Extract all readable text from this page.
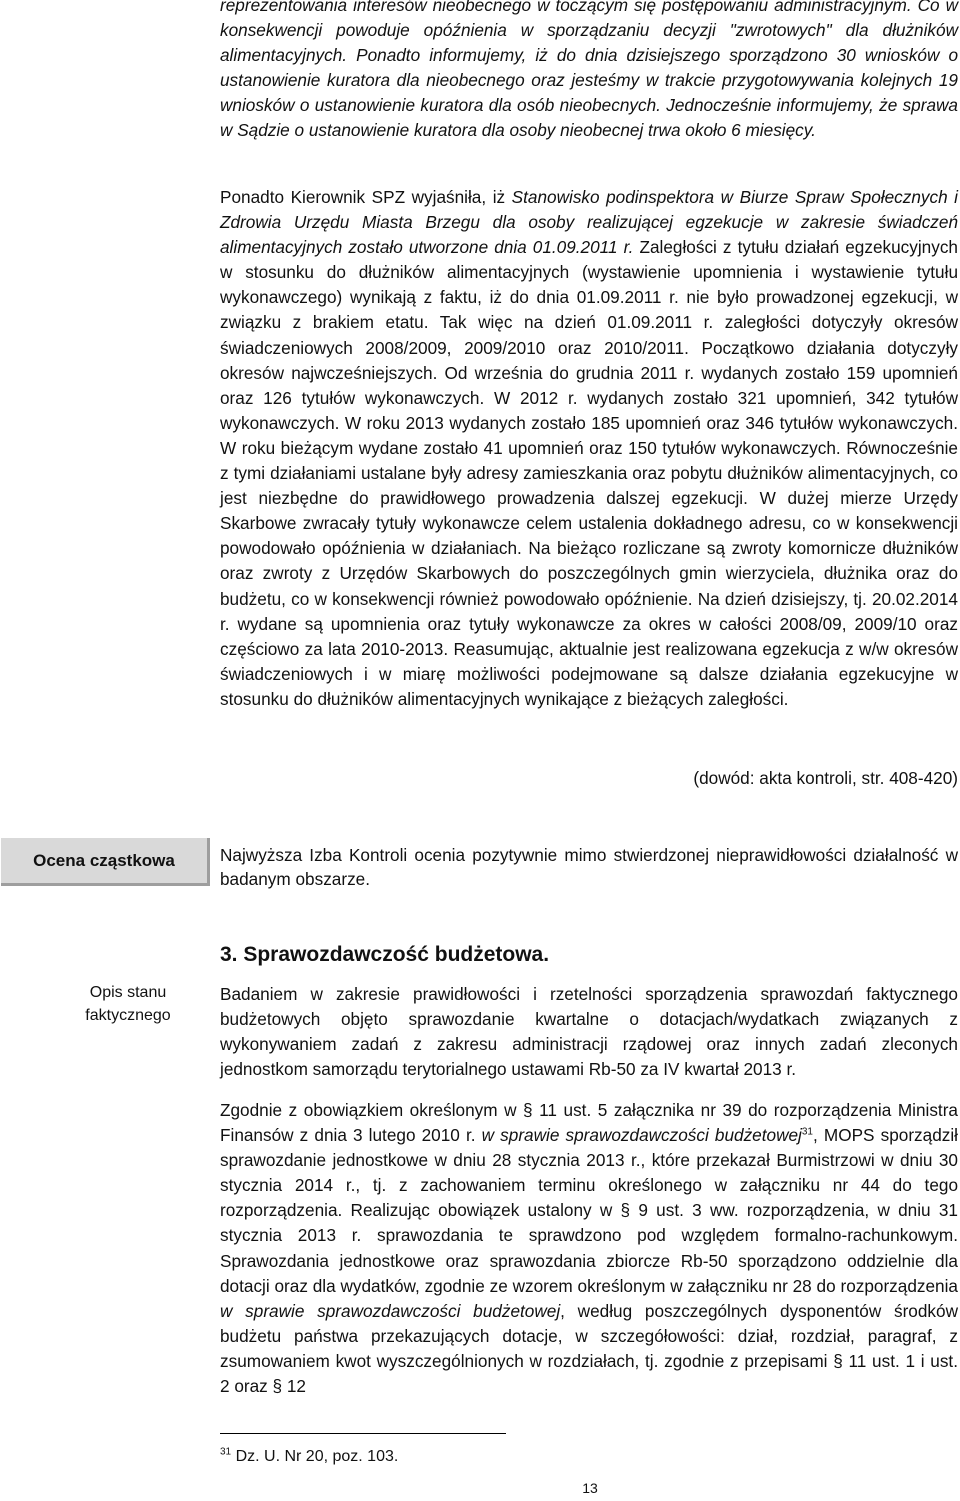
reprezentowania interesów nieobecnego w toczącym się postępowaniu administracyjnym. Co w konsekwencji powoduje opóźnienia w sporządzaniu decyzji "zwrotowych" dla dłużników alimentacyjnych. Ponadto informujemy, iż do dnia dzisiejszego sporządzono 30 wniosków o ustanowienie kuratora dla nieobecnego oraz jesteśmy w trakcie przygotowywania kolejnych 19 wniosków o ustanowienie kuratora dla osób nieobecnych. Jednocześnie informujemy, że sprawa w Sądzie o ustanowienie kuratora dla osoby nieobecnej trwa około 6 miesięcy.
Ponadto Kierownik SPZ wyjaśniła, iż Stanowisko podinspektora w Biurze Spraw Społecznych i Zdrowia Urzędu Miasta Brzegu dla osoby realizującej egzekucje w zakresie świadczeń alimentacyjnych zostało utworzone dnia 01.09.2011 r. Zaległości z tytułu działań egzekucyjnych w stosunku do dłużników alimentacyjnych (wystawienie upomnienia i wystawienie tytułu wykonawczego) wynikają z faktu, iż do dnia 01.09.2011 r. nie było prowadzonej egzekucji, w związku z brakiem etatu. Tak więc na dzień 01.09.2011 r. zaległości dotyczyły okresów świadczeniowych 2008/2009, 2009/2010 oraz 2010/2011. Początkowo działania dotyczyły okresów najwcześniejszych. Od września do grudnia 2011 r. wydanych zostało 159 upomnień oraz 126 tytułów wykonawczych. W 2012 r. wydanych zostało 321 upomnień, 342 tytułów wykonawczych. W roku 2013 wydanych zostało 185 upomnień oraz 346 tytułów wykonawczych. W roku bieżącym wydane zostało 41 upomnień oraz 150 tytułów wykonawczych. Równocześnie z tymi działaniami ustalane były adresy zamieszkania oraz pobytu dłużników alimentacyjnych, co jest niezbędne do prawidłowego prowadzenia dalszej egzekucji. W dużej mierze Urzędy Skarbowe zwracały tytuły wykonawcze celem ustalenia dokładnego adresu, co w konsekwencji powodowało opóźnienia w działaniach. Na bieżąco rozliczane są zwroty komornicze dłużników oraz zwroty z Urzędów Skarbowych do poszczególnych gmin wierzyciela, dłużnika oraz do budżetu, co w konsekwencji również powodowało opóźnienie. Na dzień dzisiejszy, tj. 20.02.2014 r. wydane są upomnienia oraz tytuły wykonawcze za okres w całości 2008/09, 2009/10 oraz częściowo za lata 2010-2013. Reasumując, aktualnie jest realizowana egzekucja z w/w okresów świadczeniowych i w miarę możliwości podejmowane są dalsze działania egzekucyjne w stosunku do dłużników alimentacyjnych wynikające z bieżących zaległości.
(dowód: akta kontroli, str. 408-420)
Ocena cząstkowa	Najwyższa Izba Kontroli ocenia pozytywnie mimo stwierdzonej nieprawidłowości działalność w badanym obszarze.
3. Sprawozdawczość budżetowa.
Opis stanu faktycznego
Badaniem w zakresie prawidłowości i rzetelności sporządzenia sprawozdań faktycznego budżetowych objęto sprawozdanie kwartalne o dotacjach/wydatkach związanych z wykonywaniem zadań z zakresu administracji rządowej oraz innych zadań zleconych jednostkom samorządu terytorialnego ustawami Rb-50 za IV kwartał 2013 r.
Zgodnie z obowiązkiem określonym w § 11 ust. 5 załącznika nr 39 do rozporządzenia Ministra Finansów z dnia 3 lutego 2010 r. w sprawie sprawozdawczości budżetowej$^{31}$, MOPS sporządził sprawozdanie jednostkowe w dniu 28 stycznia 2013 r., które przekazał Burmistrzowi w dniu 30 stycznia 2014 r., tj. z zachowaniem terminu określonego w załączniku nr 44 do tego rozporządzenia. Realizując obowiązek ustalony w § 9 ust. 3 ww. rozporządzenia, w dniu 31 stycznia 2013 r. sprawozdania te sprawdzono pod względem formalno-rachunkowym. Sprawozdania jednostkowe oraz sprawozdania zbiorcze Rb-50 sporządzono oddzielnie dla dotacji oraz dla wydatków, zgodnie ze wzorem określonym w załączniku nr 28 do rozporządzenia w sprawie sprawozdawczości budżetowej, według poszczególnych dysponentów środków budżetu państwa przekazujących dotacje, w szczegółowości: dział, rozdział, paragraf, z zsumowaniem kwot wyszczególnionych w rozdziałach, tj. zgodnie z przepisami § 11 ust. 1 i ust. 2 oraz § 12
$^{31}$ Dz. U. Nr 20, poz. 103.
13
